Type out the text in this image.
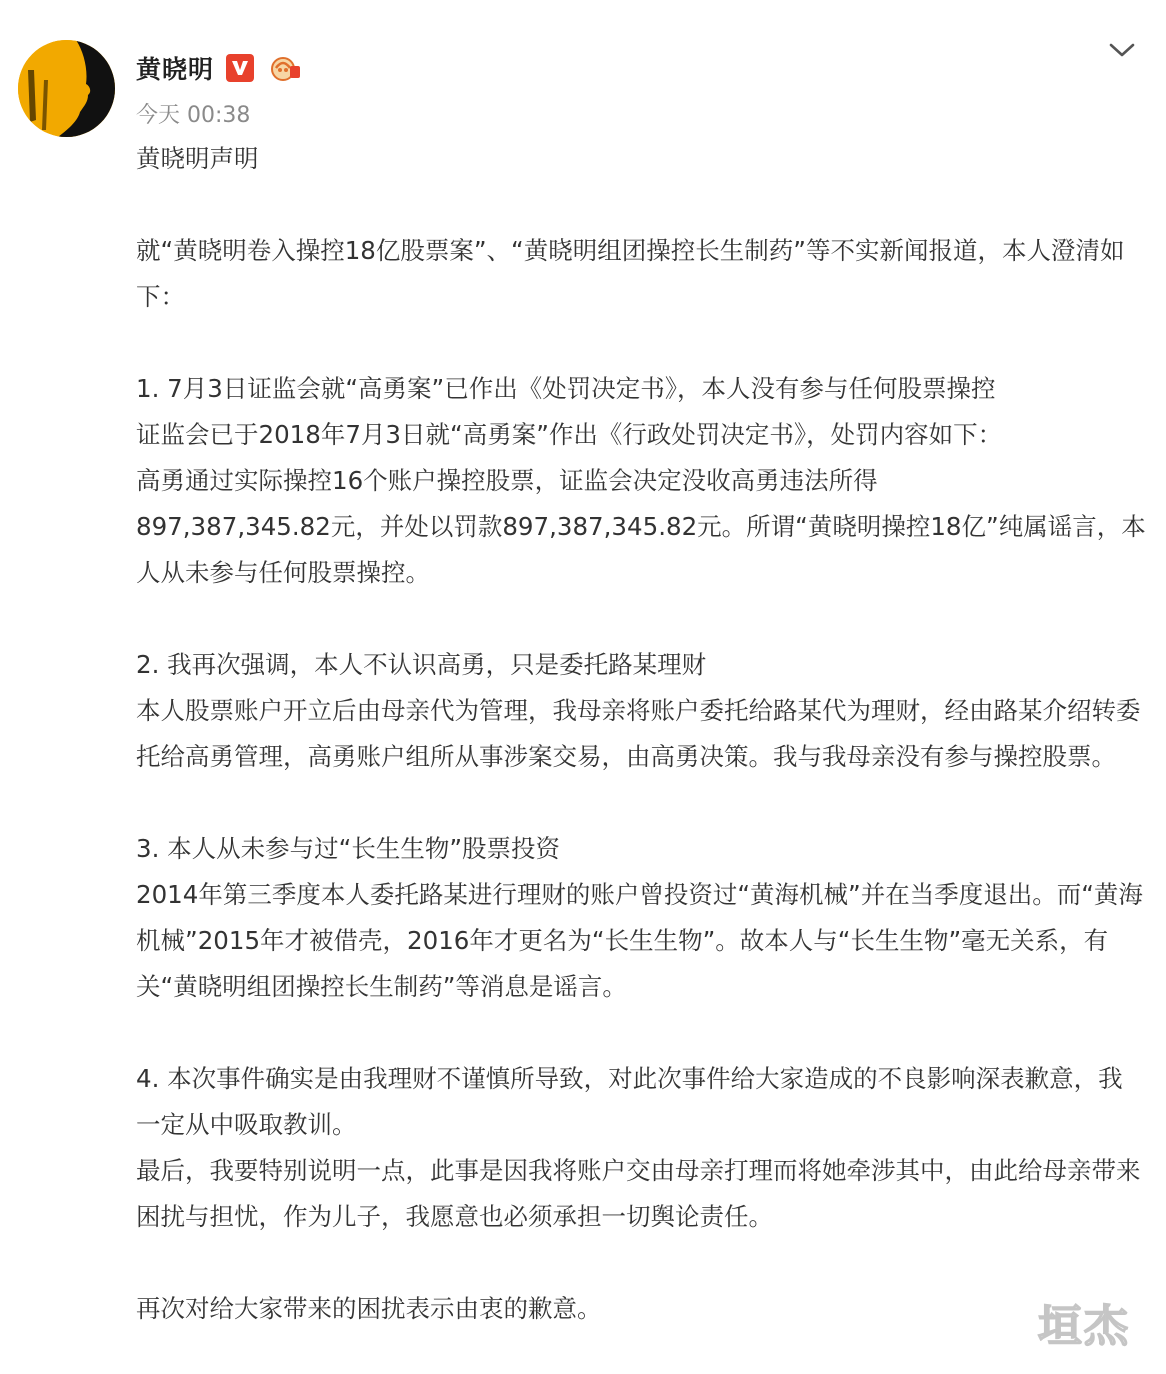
黄晓明
今天 00:38

黄晓明声明

就“黄晓明卷入操控18亿股票案”、“黄晓明组团操控长生制药”等不实新闻报道，本人澄清如下：

1. 7月3日证监会就“高勇案”已作出《处罚决定书》，本人没有参与任何股票操控
证监会已于2018年7月3日就“高勇案”作出《行政处罚决定书》，处罚内容如下：
高勇通过实际操控16个账户操控股票，证监会决定没收高勇违法所得
897,387,345.82元，并处以罚款897,387,345.82元。所谓“黄晓明操控18亿”纯属谣言，本人从未参与任何股票操控。

2. 我再次强调，本人不认识高勇，只是委托路某理财
本人股票账户开立后由母亲代为管理，我母亲将账户委托给路某代为理财，经由路某介绍转委托给高勇管理，高勇账户组所从事涉案交易，由高勇决策。我与我母亲没有参与操控股票。

3. 本人从未参与过“长生生物”股票投资
2014年第三季度本人委托路某进行理财的账户曾投资过“黄海机械”并在当季度退出。而“黄海机械”2015年才被借壳，2016年才更名为“长生生物”。故本人与“长生生物”毫无关系，有关“黄晓明组团操控长生制药”等消息是谣言。

4. 本次事件确实是由我理财不谨慎所导致，对此次事件给大家造成的不良影响深表歉意，我一定从中吸取教训。
最后，我要特别说明一点，此事是因我将账户交由母亲打理而将她牵涉其中，由此给母亲带来困扰与担忧，作为儿子，我愿意也必须承担一切舆论责任。

再次对给大家带来的困扰表示由衷的歉意。	垣杰
